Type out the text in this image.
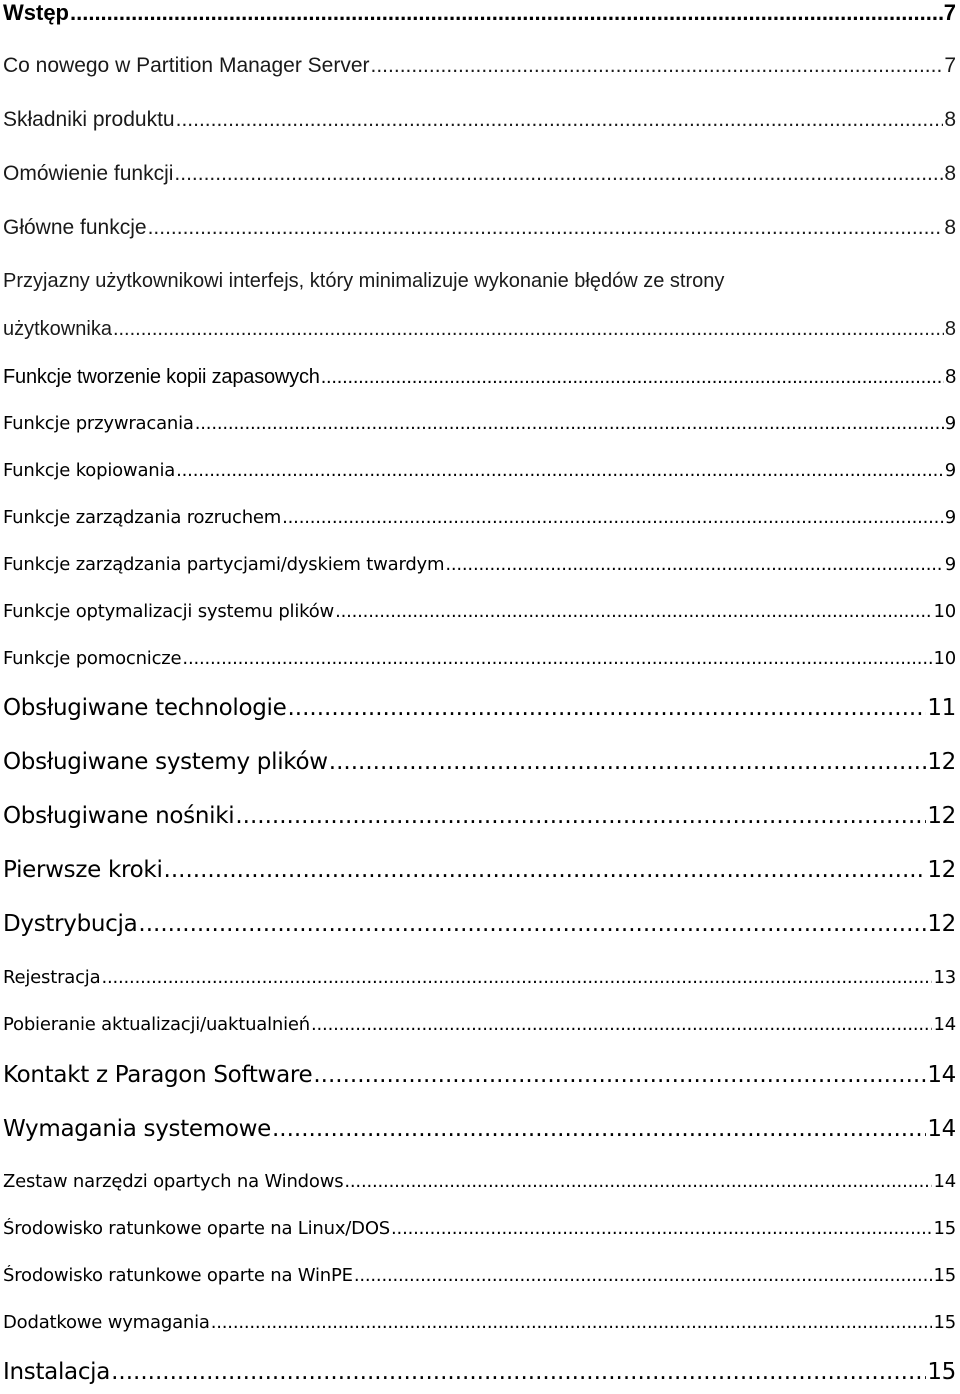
Wstęp .....	7
Co nowego w Partition Manager Server .....	7
Składniki produktu .....	8
Omówienie funkcji .....	8
Główne funkcje .....	8
Przyjazny użytkownikowi interfejs, który minimalizuje wykonanie błędów ze strony
użytkownika .....	8
Funkcje tworzenie kopii zapasowych .....	8
Funkcje przywracania .....	9
Funkcje kopiowania .....	9
Funkcje zarządzania rozruchem .....	9
Funkcje zarządzania partycjami/dyskiem twardym .....	9
Funkcje optymalizacji systemu plików .....	10
Funkcje pomocnicze .....	10
Obsługiwane technologie .....	11
Obsługiwane systemy plików .....	12
Obsługiwane nośniki .....	12
Pierwsze kroki .....	12
Dystrybucja .....	12
Rejestracja .....	13
Pobieranie aktualizacji/uaktualnień .....	14
Kontakt z Paragon Software .....	14
Wymagania systemowe .....	14
Zestaw narzędzi opartych na Windows .....	14
Środowisko ratunkowe oparte na Linux/DOS .....	15
Środowisko ratunkowe oparte na WinPE .....	15
Dodatkowe wymagania .....	15
Instalacja .....	15
